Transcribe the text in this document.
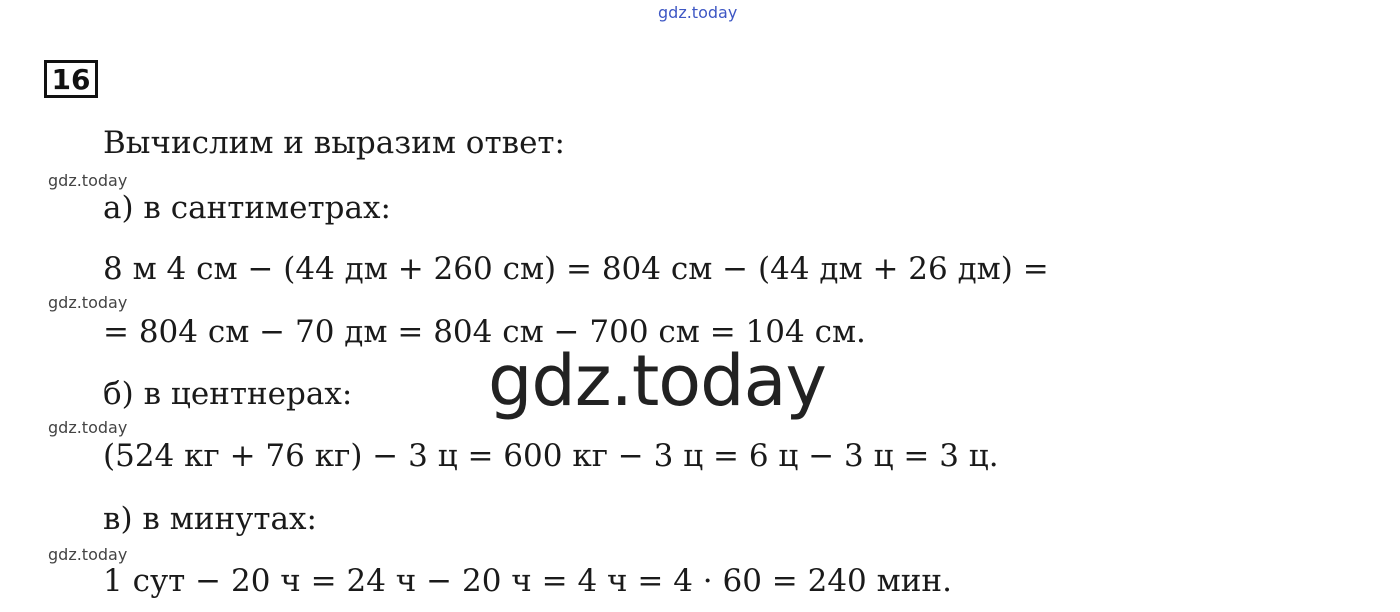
gdz.today
16
Вычислим и выразим ответ:
gdz.today
а) в сантиметрах:
8 м 4 см − (44 дм + 260 см) = 804 см − (44 дм + 26 дм) =
gdz.today
= 804 см − 70 дм = 804 см − 700 см = 104 см.
б) в центнерах:
gdz.today
(524 кг + 76 кг) − 3 ц = 600 кг − 3 ц = 6 ц − 3 ц = 3 ц.
в) в минутах:
gdz.today
1 сут − 20 ч = 24 ч − 20 ч = 4 ч = 4 · 60 = 240 мин.
gdz.today
